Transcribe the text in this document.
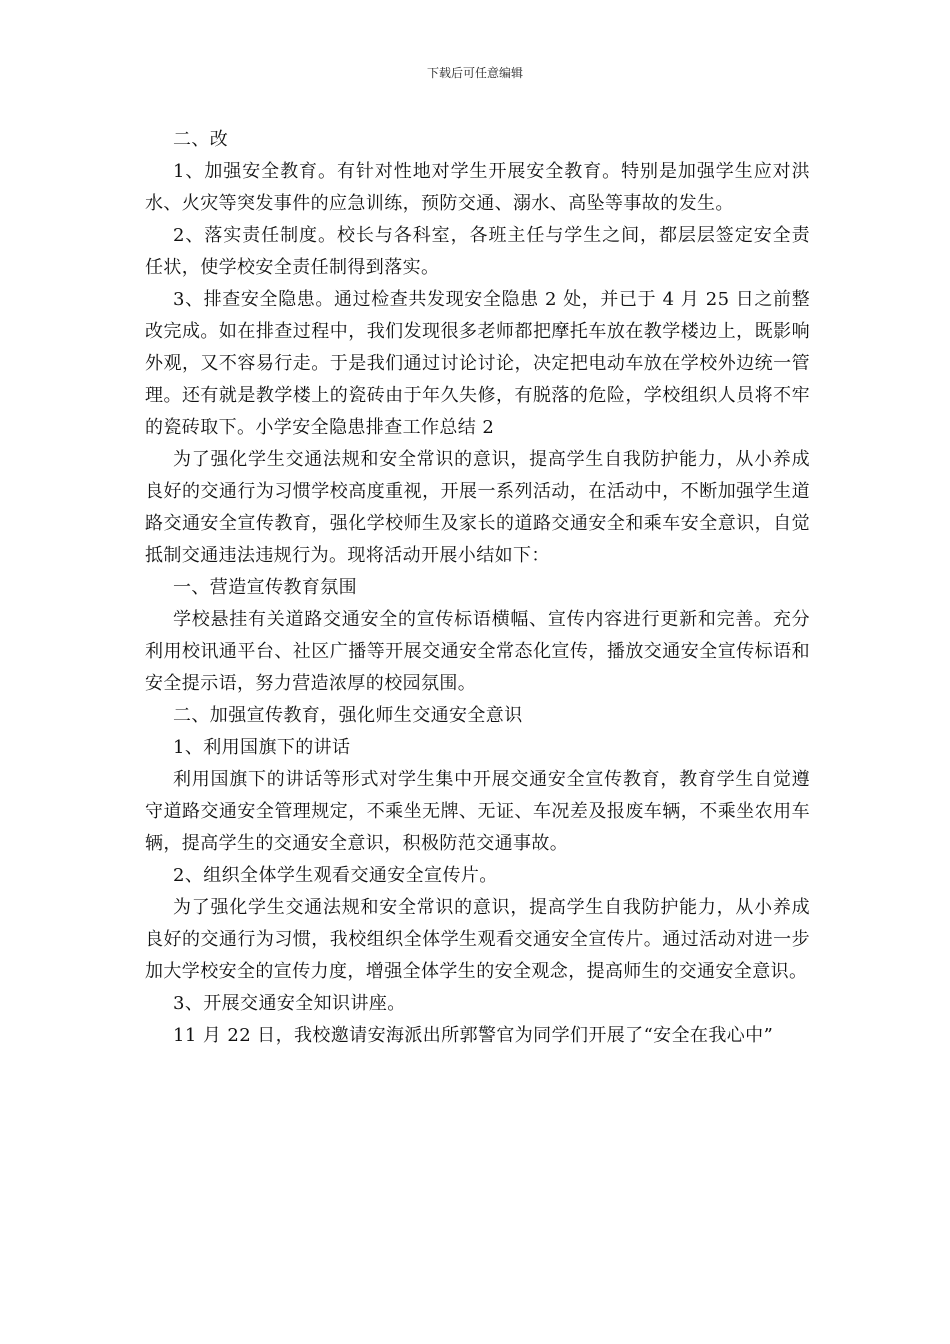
下载后可任意编辑

二、改

1、加强安全教育。有针对性地对学生开展安全教育。特别是加强学生应对洪水、火灾等突发事件的应急训练，预防交通、溺水、高坠等事故的发生。

2、落实责任制度。校长与各科室，各班主任与学生之间，都层层签定安全责任状，使学校安全责任制得到落实。

3、排查安全隐患。通过检查共发现安全隐患 2 处，并已于 4 月 25 日之前整改完成。如在排查过程中，我们发现很多老师都把摩托车放在教学楼边上，既影响外观，又不容易行走。于是我们通过讨论讨论，决定把电动车放在学校外边统一管理。还有就是教学楼上的瓷砖由于年久失修，有脱落的危险，学校组织人员将不牢的瓷砖取下。小学安全隐患排查工作总结 2

为了强化学生交通法规和安全常识的意识，提高学生自我防护能力，从小养成良好的交通行为习惯学校高度重视，开展一系列活动，在活动中，不断加强学生道路交通安全宣传教育，强化学校师生及家长的道路交通安全和乘车安全意识，自觉抵制交通违法违规行为。现将活动开展小结如下：

一、营造宣传教育氛围

学校悬挂有关道路交通安全的宣传标语横幅、宣传内容进行更新和完善。充分利用校讯通平台、社区广播等开展交通安全常态化宣传，播放交通安全宣传标语和安全提示语，努力营造浓厚的校园氛围。

二、加强宣传教育，强化师生交通安全意识

1、利用国旗下的讲话

利用国旗下的讲话等形式对学生集中开展交通安全宣传教育，教育学生自觉遵守道路交通安全管理规定，不乘坐无牌、无证、车况差及报废车辆，不乘坐农用车辆，提高学生的交通安全意识，积极防范交通事故。

2、组织全体学生观看交通安全宣传片。

为了强化学生交通法规和安全常识的意识，提高学生自我防护能力，从小养成良好的交通行为习惯，我校组织全体学生观看交通安全宣传片。通过活动对进一步加大学校安全的宣传力度，增强全体学生的安全观念，提高师生的交通安全意识。

3、开展交通安全知识讲座。

11 月 22 日，我校邀请安海派出所郭警官为同学们开展了“安全在我心中”
